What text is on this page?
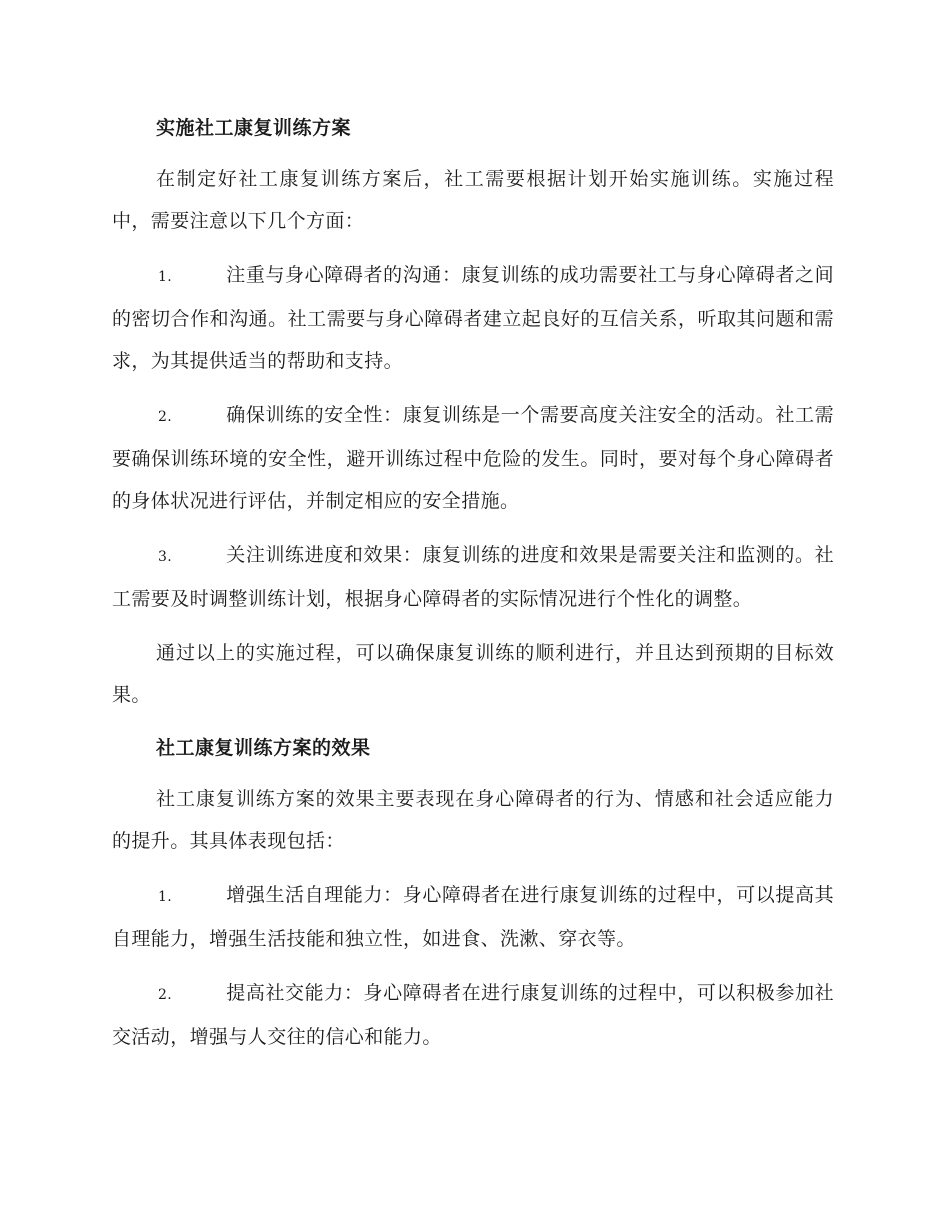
实施社工康复训练方案

在制定好社工康复训练方案后，社工需要根据计划开始实施训练。实施过程中，需要注意以下几个方面：

1.	注重与身心障碍者的沟通：康复训练的成功需要社工与身心障碍者之间的密切合作和沟通。社工需要与身心障碍者建立起良好的互信关系，听取其问题和需求，为其提供适当的帮助和支持。

2.	确保训练的安全性：康复训练是一个需要高度关注安全的活动。社工需要确保训练环境的安全性，避开训练过程中危险的发生。同时，要对每个身心障碍者的身体状况进行评估，并制定相应的安全措施。

3.	关注训练进度和效果：康复训练的进度和效果是需要关注和监测的。社工需要及时调整训练计划，根据身心障碍者的实际情况进行个性化的调整。

通过以上的实施过程，可以确保康复训练的顺利进行，并且达到预期的目标效果。

社工康复训练方案的效果

社工康复训练方案的效果主要表现在身心障碍者的行为、情感和社会适应能力的提升。其具体表现包括：

1.	增强生活自理能力：身心障碍者在进行康复训练的过程中，可以提高其自理能力，增强生活技能和独立性，如进食、洗漱、穿衣等。

2.	提高社交能力：身心障碍者在进行康复训练的过程中，可以积极参加社交活动，增强与人交往的信心和能力。
